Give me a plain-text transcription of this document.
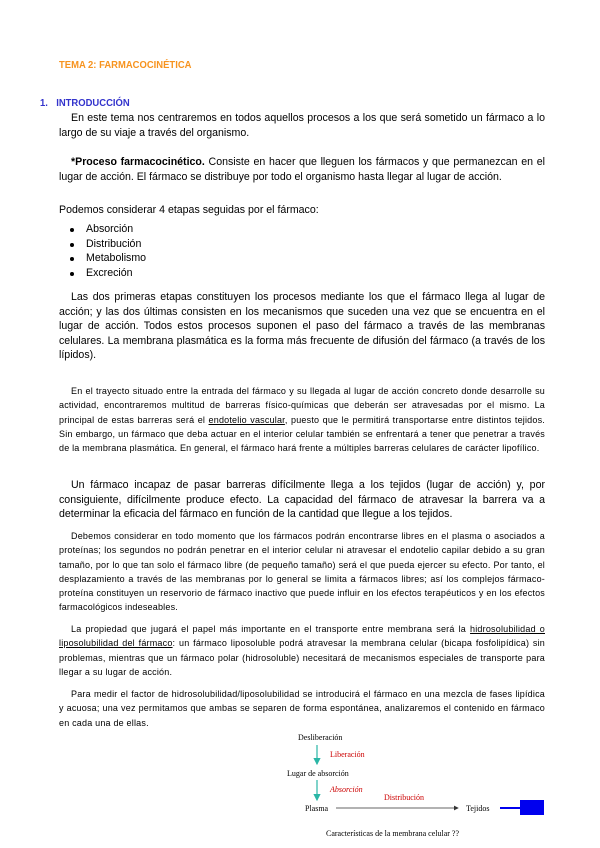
TEMA 2: FARMACOCINÉTICA
1. INTRODUCCIÓN
En este tema nos centraremos en todos aquellos procesos a los que será sometido un fármaco a lo largo de su viaje a través del organismo.
*Proceso farmacocinético. Consiste en hacer que lleguen los fármacos y que permanezcan en el lugar de acción. El fármaco se distribuye por todo el organismo hasta llegar al lugar de acción.
Podemos considerar 4 etapas seguidas por el fármaco:
Absorción
Distribución
Metabolismo
Excreción
Las dos primeras etapas constituyen los procesos mediante los que el fármaco llega al lugar de acción; y las dos últimas consisten en los mecanismos que suceden una vez que se encuentra en el lugar de acción. Todos estos procesos suponen el paso del fármaco a través de las membranas celulares. La membrana plasmática es la forma más frecuente de difusión del fármaco (a través de los lípidos).
En el trayecto situado entre la entrada del fármaco y su llegada al lugar de acción concreto donde desarrolle su actividad, encontraremos multitud de barreras físico-químicas que deberán ser atravesadas por el mismo. La principal de estas barreras será el endotelio vascular, puesto que le permitirá transportarse entre distintos tejidos. Sin embargo, un fármaco que deba actuar en el interior celular también se enfrentará a tener que penetrar a través de la membrana plasmática. En general, el fármaco hará frente a múltiples barreras celulares de carácter lipofílico.
Un fármaco incapaz de pasar barreras difícilmente llega a los tejidos (lugar de acción) y, por consiguiente, difícilmente produce efecto. La capacidad del fármaco de atravesar la barrera va a determinar la eficacia del fármaco en función de la cantidad que llegue a los tejidos.
Debemos considerar en todo momento que los fármacos podrán encontrarse libres en el plasma o asociados a proteínas; los segundos no podrán penetrar en el interior celular ni atravesar el endotelio capilar debido a su gran tamaño, por lo que tan solo el fármaco libre (de pequeño tamaño) será el que pueda ejercer su efecto. Por tanto, el desplazamiento a través de las membranas por lo general se limita a fármacos libres; así los complejos fármaco-proteína constituyen un reservorio de fármaco inactivo que puede influir en los efectos terapéuticos y en los efectos farmacológicos indeseables.
La propiedad que jugará el papel más importante en el transporte entre membrana será la hidrosolubilidad o liposolubilidad del fármaco: un fármaco liposoluble podrá atravesar la membrana celular (bicapa fosfolipídica) sin problemas, mientras que un fármaco polar (hidrosoluble) necesitará de mecanismos especiales de transporte para llegar a su lugar de acción.
Para medir el factor de hidrosolubilidad/liposolubilidad se introducirá el fármaco en una mezcla de fases lipídica y acuosa; una vez permitamos que ambas se separen de forma espontánea, analizaremos el contenido en fármaco en cada una de ellas.
Desliberación
Liberación
Lugar de absorción
Absorción
Plasma
Distribución
Tejidos
Características de la membrana celular ??
